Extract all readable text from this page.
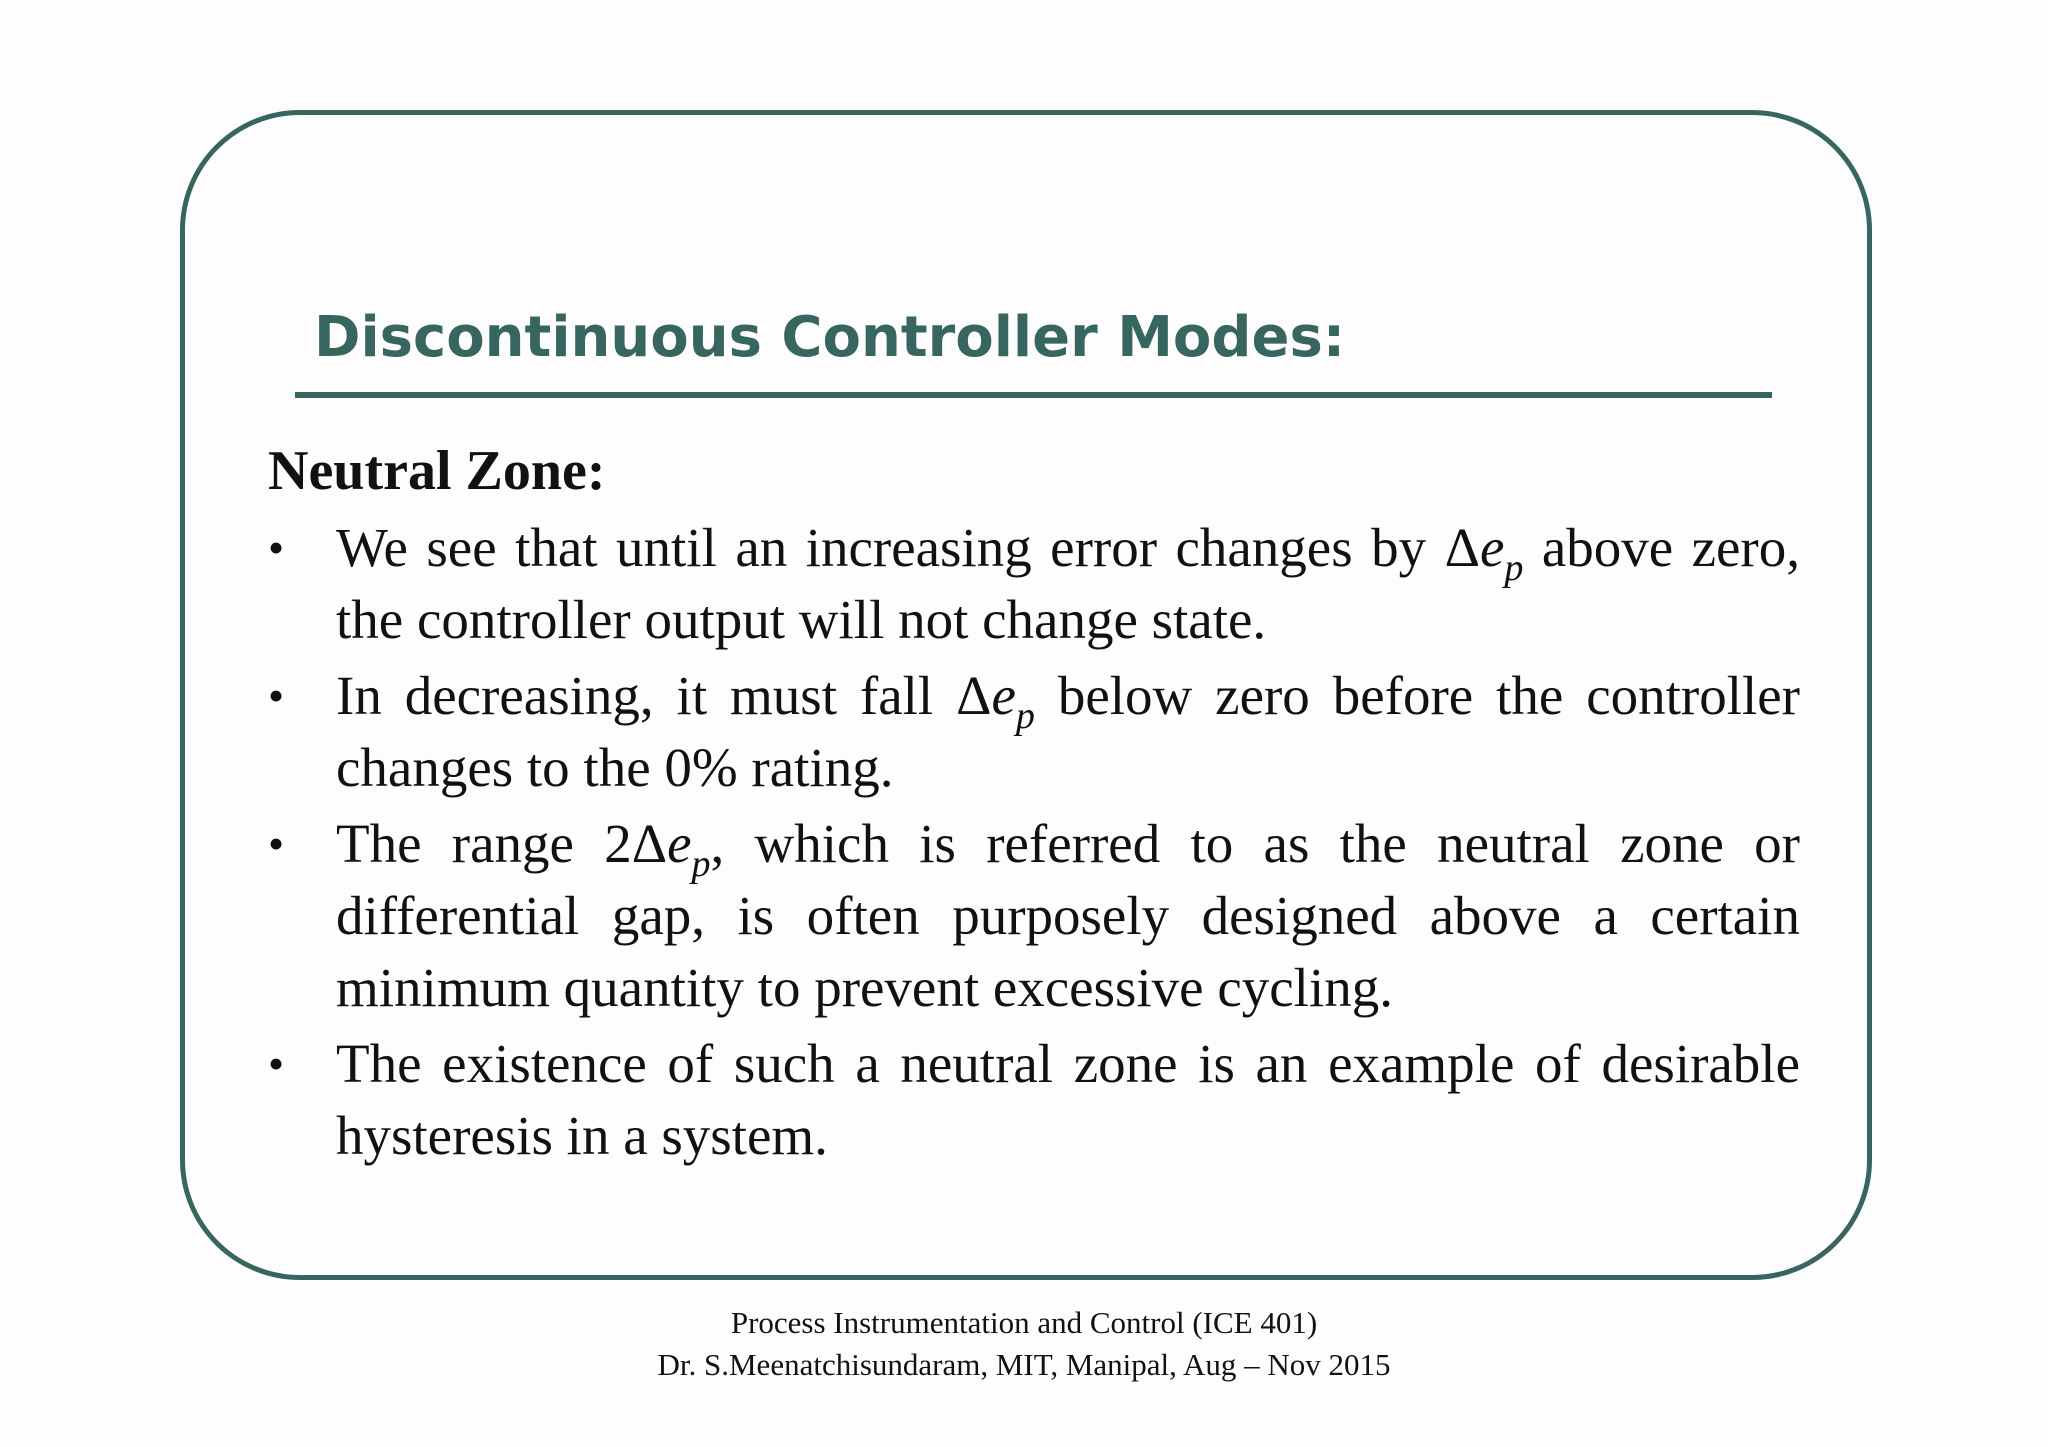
Discontinuous Controller Modes:
Neutral Zone:
• We see that until an increasing error changes by $\Delta e_p$ above zero, the controller output will not change state.
• In decreasing, it must fall $\Delta e_p$ below zero before the controller changes to the 0% rating.
• The range $2\Delta e_p$, which is referred to as the neutral zone or differential gap, is often purposely designed above a certain minimum quantity to prevent excessive cycling.
• The existence of such a neutral zone is an example of desirable hysteresis in a system.
Process Instrumentation and Control (ICE 401)
Dr. S.Meenatchisundaram, MIT, Manipal, Aug – Nov 2015
